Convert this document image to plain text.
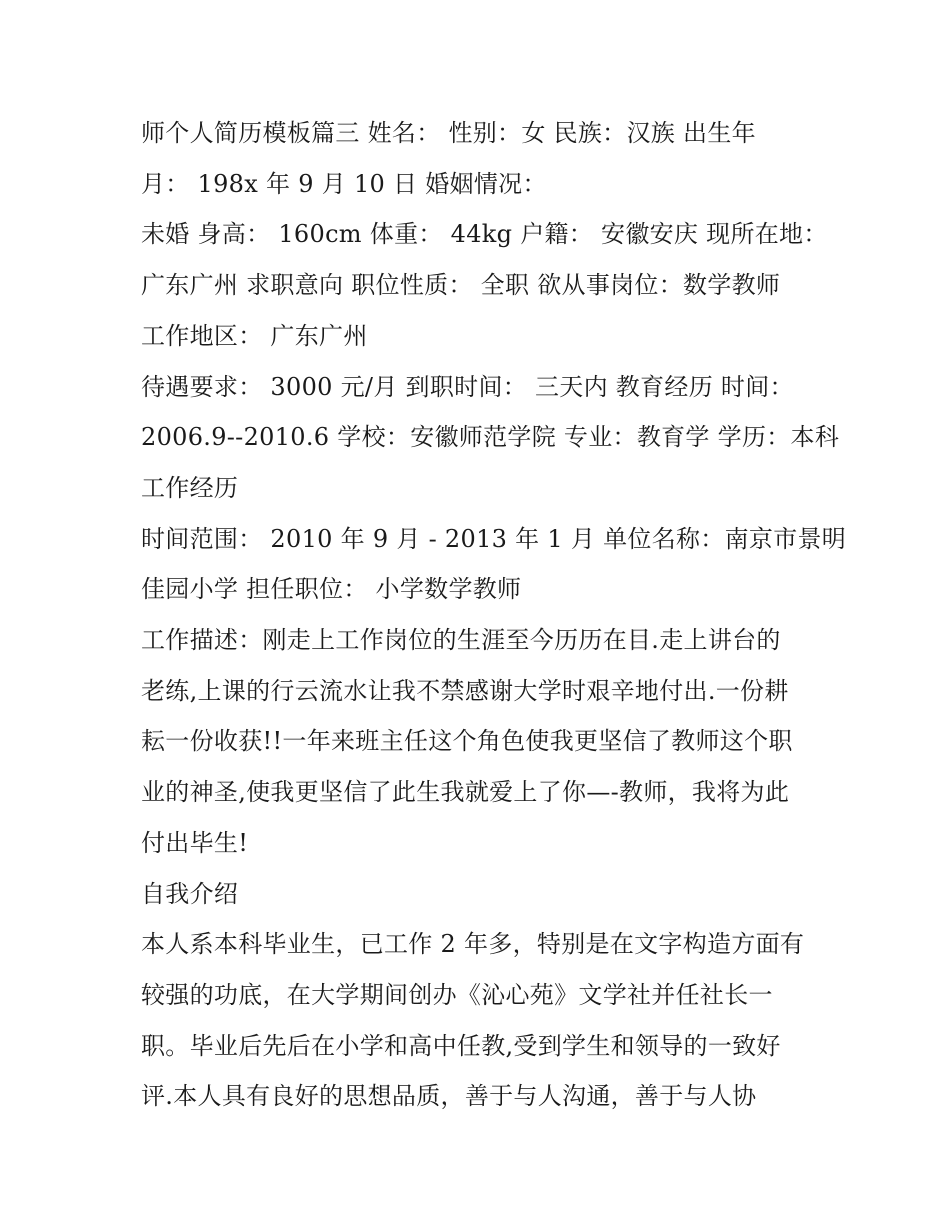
师个人简历模板篇三 姓名： 性别：女 民族：汉族 出生年
月： 198x 年 9 月 10 日 婚姻情况：
未婚 身高： 160cm 体重： 44kg 户籍： 安徽安庆 现所在地：
广东广州 求职意向 职位性质： 全职 欲从事岗位：数学教师
工作地区： 广东广州
待遇要求： 3000 元/月 到职时间： 三天内 教育经历 时间：
2006.9--2010.6 学校：安徽师范学院 专业：教育学 学历：本科
工作经历
时间范围： 2010 年 9 月 - 2013 年 1 月 单位名称：南京市景明
佳园小学 担任职位： 小学数学教师
工作描述：刚走上工作岗位的生涯至今历历在目.走上讲台的
老练,上课的行云流水让我不禁感谢大学时艰辛地付出.一份耕
耘一份收获!!一年来班主任这个角色使我更坚信了教师这个职
业的神圣,使我更坚信了此生我就爱上了你—-教师，我将为此
付出毕生!
自我介绍
本人系本科毕业生，已工作 2 年多，特别是在文字构造方面有
较强的功底，在大学期间创办《沁心苑》文学社并任社长一
职。毕业后先后在小学和高中任教,受到学生和领导的一致好
评.本人具有良好的思想品质，善于与人沟通，善于与人协
